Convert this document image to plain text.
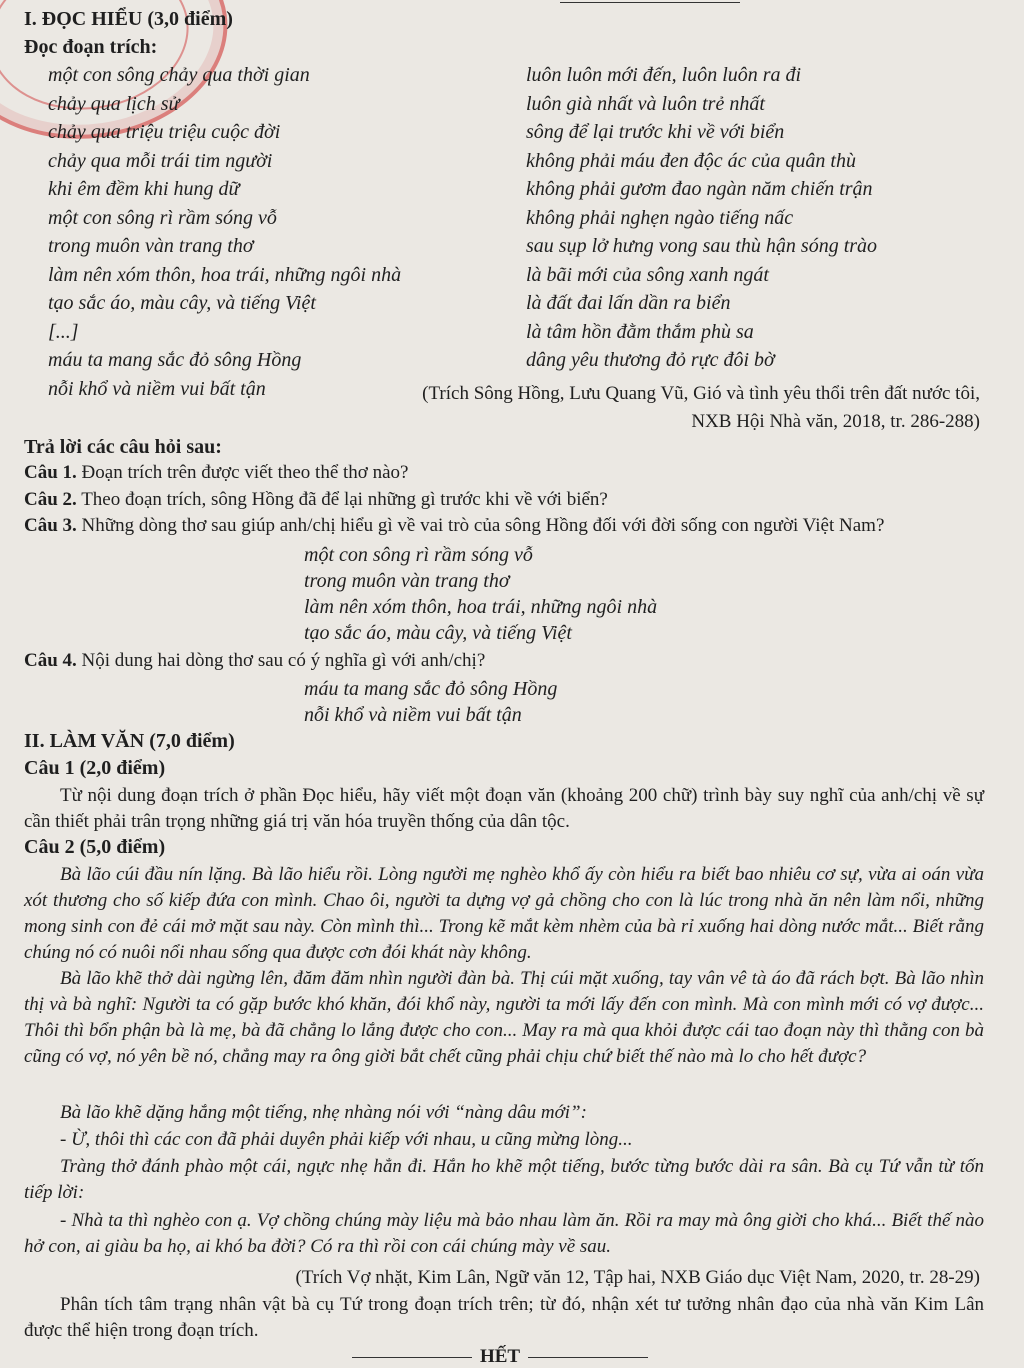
I. ĐỌC HIỂU (3,0 điểm)
Đọc đoạn trích:
một con sông chảy qua thời gian
chảy qua lịch sử
chảy qua triệu triệu cuộc đời
chảy qua mỗi trái tim người
khi êm đềm khi hung dữ
một con sông rì rầm sóng vỗ
trong muôn vàn trang thơ
làm nên xóm thôn, hoa trái, những ngôi nhà
tạo sắc áo, màu cây, và tiếng Việt
[...]
máu ta mang sắc đỏ sông Hồng
nỗi khổ và niềm vui bất tận
luôn luôn mới đến, luôn luôn ra đi
luôn già nhất và luôn trẻ nhất
sông để lại trước khi về với biển
không phải máu đen độc ác của quân thù
không phải gươm đao ngàn năm chiến trận
không phải nghẹn ngào tiếng nấc
sau sụp lở hưng vong sau thù hận sóng trào
là bãi mới của sông xanh ngát
là đất đai lấn dần ra biển
là tâm hồn đằm thắm phù sa
dâng yêu thương đỏ rực đôi bờ
(Trích Sông Hồng, Lưu Quang Vũ, Gió và tình yêu thổi trên đất nước tôi,
NXB Hội Nhà văn, 2018, tr. 286-288)
Trả lời các câu hỏi sau:
Câu 1. Đoạn trích trên được viết theo thể thơ nào?
Câu 2. Theo đoạn trích, sông Hồng đã để lại những gì trước khi về với biển?
Câu 3. Những dòng thơ sau giúp anh/chị hiểu gì về vai trò của sông Hồng đối với đời sống con người Việt Nam?
một con sông rì rầm sóng vỗ
trong muôn vàn trang thơ
làm nên xóm thôn, hoa trái, những ngôi nhà
tạo sắc áo, màu cây, và tiếng Việt
Câu 4. Nội dung hai dòng thơ sau có ý nghĩa gì với anh/chị?
máu ta mang sắc đỏ sông Hồng
nỗi khổ và niềm vui bất tận
II. LÀM VĂN (7,0 điểm)
Câu 1 (2,0 điểm)
Từ nội dung đoạn trích ở phần Đọc hiểu, hãy viết một đoạn văn (khoảng 200 chữ) trình bày suy nghĩ của anh/chị về sự cần thiết phải trân trọng những giá trị văn hóa truyền thống của dân tộc.
Câu 2 (5,0 điểm)
Bà lão cúi đầu nín lặng. Bà lão hiểu rồi. Lòng người mẹ nghèo khổ ấy còn hiểu ra biết bao nhiêu cơ sự, vừa ai oán vừa xót thương cho số kiếp đứa con mình. Chao ôi, người ta dựng vợ gả chồng cho con là lúc trong nhà ăn nên làm nổi, những mong sinh con đẻ cái mở mặt sau này. Còn mình thì... Trong kẽ mắt kèm nhèm của bà rỉ xuống hai dòng nước mắt... Biết rằng chúng nó có nuôi nổi nhau sống qua được cơn đói khát này không.
Bà lão khẽ thở dài ngừng lên, đăm đăm nhìn người đàn bà. Thị cúi mặt xuống, tay vân vê tà áo đã rách bợt. Bà lão nhìn thị và bà nghĩ: Người ta có gặp bước khó khăn, đói khổ này, người ta mới lấy đến con mình. Mà con mình mới có vợ được... Thôi thì bổn phận bà là mẹ, bà đã chẳng lo lắng được cho con... May ra mà qua khỏi được cái tao đoạn này thì thằng con bà cũng có vợ, nó yên bề nó, chẳng may ra ông giời bắt chết cũng phải chịu chứ biết thế nào mà lo cho hết được?
Bà lão khẽ dặng hắng một tiếng, nhẹ nhàng nói với “nàng dâu mới”:
- Ừ, thôi thì các con đã phải duyên phải kiếp với nhau, u cũng mừng lòng...
Tràng thở đánh phào một cái, ngực nhẹ hẳn đi. Hắn ho khẽ một tiếng, bước từng bước dài ra sân. Bà cụ Tứ vẫn từ tốn tiếp lời:
- Nhà ta thì nghèo con ạ. Vợ chồng chúng mày liệu mà bảo nhau làm ăn. Rồi ra may mà ông giời cho khá... Biết thế nào hở con, ai giàu ba họ, ai khó ba đời? Có ra thì rồi con cái chúng mày về sau.
(Trích Vợ nhặt, Kim Lân, Ngữ văn 12, Tập hai, NXB Giáo dục Việt Nam, 2020, tr. 28-29)
Phân tích tâm trạng nhân vật bà cụ Tứ trong đoạn trích trên; từ đó, nhận xét tư tưởng nhân đạo của nhà văn Kim Lân được thể hiện trong đoạn trích.
HẾT
